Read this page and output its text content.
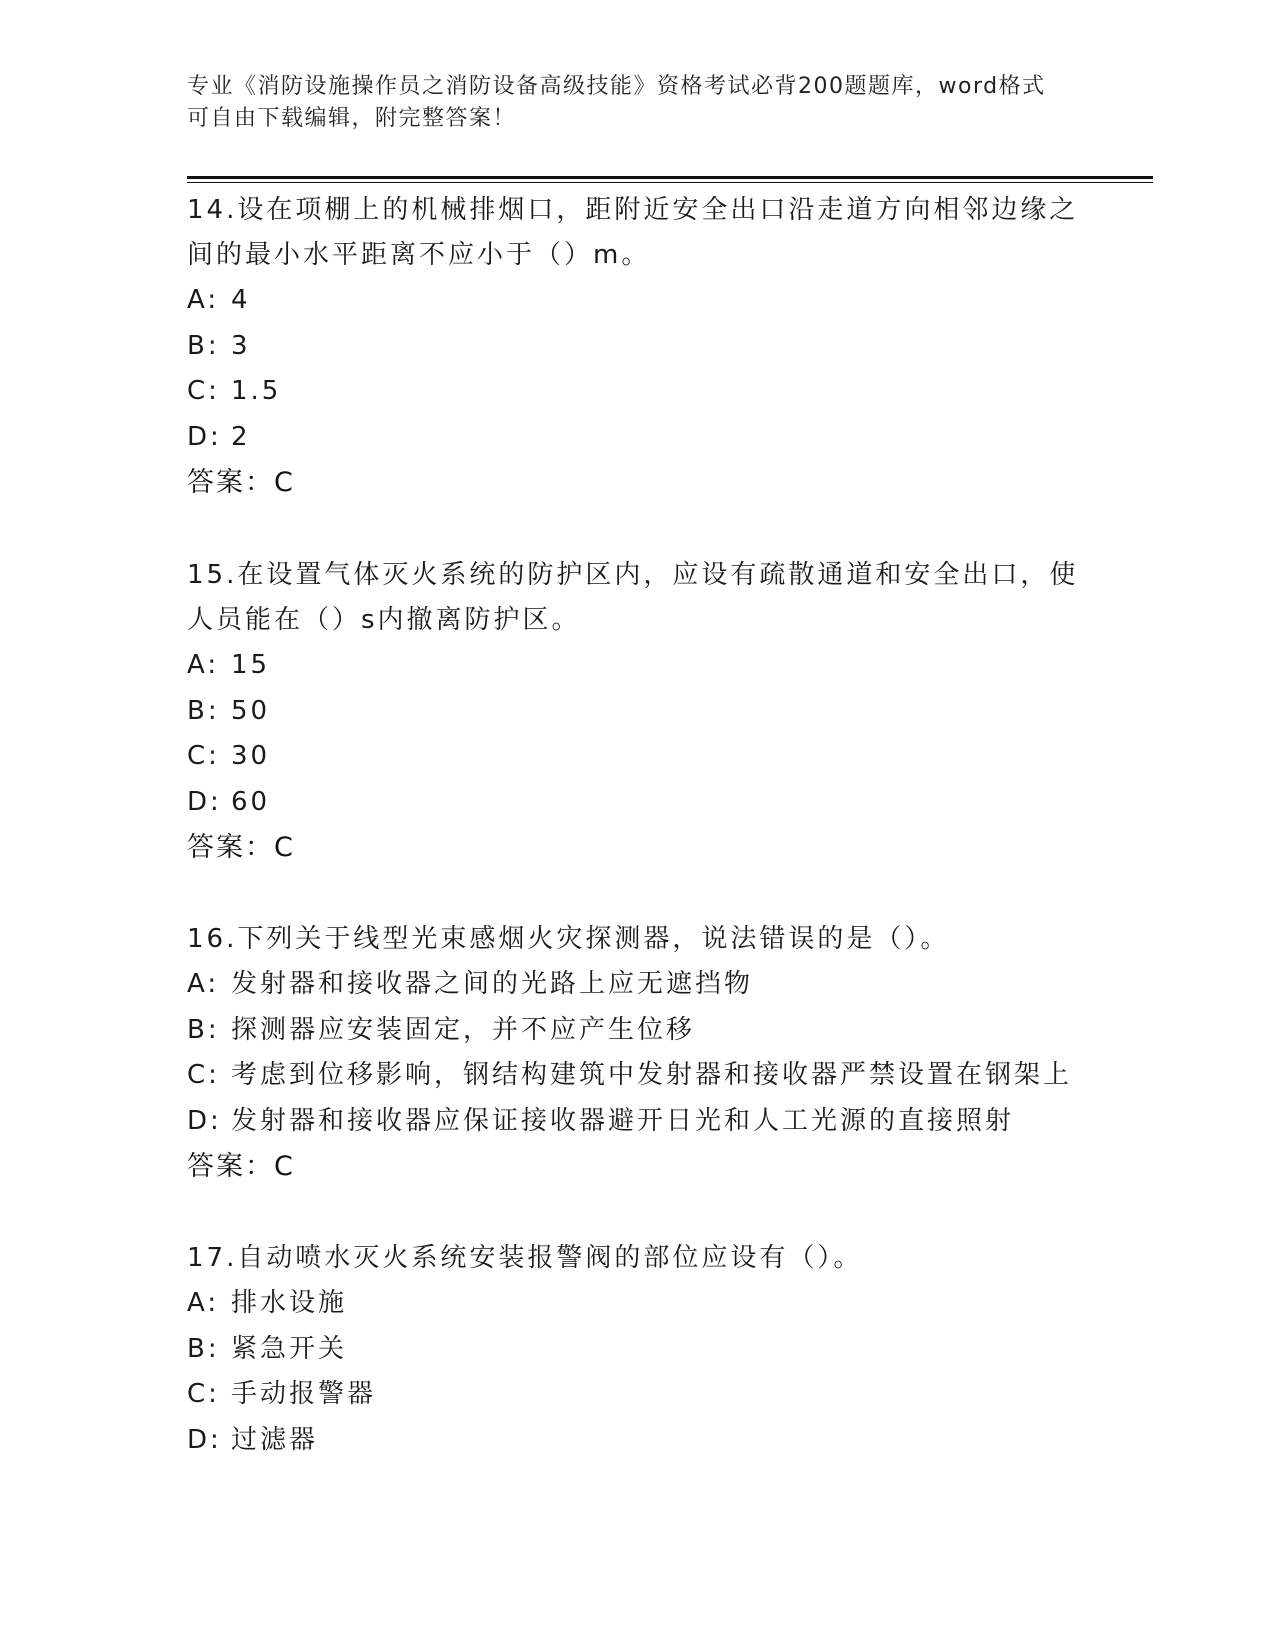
专业《消防设施操作员之消防设备高级技能》资格考试必背200题题库，word格式可自由下载编辑，附完整答案！
14.设在项棚上的机械排烟口，距附近安全出口沿走道方向相邻边缘之间的最小水平距离不应小于（）m。
A: 4
B: 3
C: 1.5
D: 2
答案：C
15.在设置气体灭火系统的防护区内，应设有疏散通道和安全出口，使人员能在（）s内撤离防护区。
A: 15
B: 50
C: 30
D: 60
答案：C
16.下列关于线型光束感烟火灾探测器，说法错误的是（）。
A: 发射器和接收器之间的光路上应无遮挡物
B: 探测器应安装固定，并不应产生位移
C: 考虑到位移影响，钢结构建筑中发射器和接收器严禁设置在钢架上
D: 发射器和接收器应保证接收器避开日光和人工光源的直接照射
答案：C
17.自动喷水灭火系统安装报警阀的部位应设有（）。
A: 排水设施
B: 紧急开关
C: 手动报警器
D: 过滤器
